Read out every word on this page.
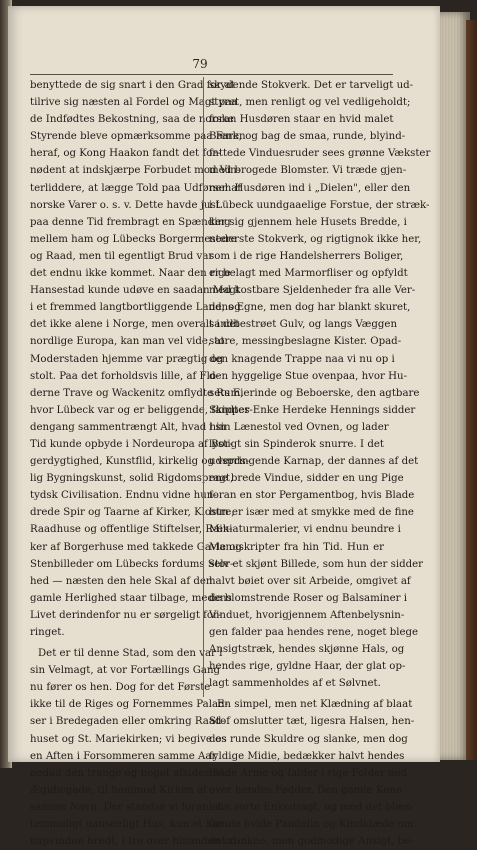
79
benyttede de sig snart i den Grad for at
tilrive sig næsten al Fordel og Magt paa
de Indfødtes Bekostning, saa de norske
Styrende bleve opmærksomme paa Faren
heraf, og Kong Haakon fandt det for-
nødent at indskjærpe Forbudet mod Vin-
terliddere, at lægge Told paa Udførsel af
norske Varer o. s. v. Dette havde just
paa denne Tid frembragt en Spænding
mellem ham og Lübecks Borgermestere
og Raad, men til egentligt Brud var
det endnu ikke kommet. Naar den rige
Hansestad kunde udøve en saadan Magt
i et fremmed langtbortliggende Land, og
det ikke alene i Norge, men overalt i det
nordlige Europa, kan man vel vide, at
Moderstaden hjemme var prægtig og
stolt. Paa det forholdsvis lille, af Flo-
derne Trave og Wackenitz omflydte Rum,
hvor Lübeck var og er beliggende, fandtes
dengang sammentrængt Alt, hvad hin
Tid kunde opbyde i Nordeuropa af Bor-
gerdygtighed, Kunstflid, kirkelig og verds-
lig Bygningskunst, solid Rigdomspragt,
tydsk Civilisation. Endnu vidne hun-
drede Spir og Taarne af Kirker, Klostre,
Raadhuse og offentlige Stiftelser, Ræk-
ker af Borgerhuse med takkede Gavle og
Stenbilleder om Lübecks fordums Stor-
hed — næsten den hele Skal af den
gamle Herlighed staar tilbage, medens
Livet derindenfor nu er sørgeligt for-
ringet.
Det er til denne Stad, som den var i
sin Velmagt, at vor Fortællings Gang
nu fører os hen. Dog for det Første
ikke til de Riges og Fornemmes Palad-
ser i Bredegaden eller omkring Raad-
huset og St. Mariekirken; vi begive os
en Aften i Forsommeren samme Aar
nedad den trange og noget afsides St.
Ægidiegade, til henimod Kirken af
samme Navn. Der standse vi foran et
temmeligt uanseeligt Hus, kun et Kar-
napvindue bredt, i tre over hinanden ud-
skydende Stokverk. Det er tarveligt ud-
styret, men renligt og vel vedligeholdt;
foran Husdøren staar en hvid malet
Bænk, og bag de smaa, runde, blyind-
fattede Vinduesruder sees grønne Vækster
med brogede Blomster. Vi træde gjen-
nem Husdøren ind i „Dielen", eller den
i Lübeck uundgaaelige Forstue, der stræk-
ker sig gjennem hele Husets Bredde, i
nederste Stokverk, og rigtignok ikke her,
som i de rige Handelsherrers Boliger,
er belagt med Marmorfliser og opfyldt
med kostbare Sjeldenheder fra alle Ver-
dens Egne, men dog har blankt skuret,
sandbestrøet Gulv, og langs Væggen
store, messingbeslagne Kister. Opad-
den knagende Trappe naa vi nu op i
den hyggelige Stue ovenpaa, hvor Hu-
sets Eierinde og Beboerske, den agtbare
Skipper-Enke Herdeke Hennings sidder
i sin Lænestol ved Ovnen, og lader
lystigt sin Spinderok snurre. I det
udspringende Karnap, der dannes af det
ene brede Vindue, sidder en ung Pige
foran en stor Pergamentbog, hvis Blade
hun er især med at smykke med de fine
Miniaturmalerier, vi endnu beundre i
Manuskripter fra hin Tid. Hun er
selv et skjønt Billede, som hun der sidder
halvt bøiet over sit Arbeide, omgivet af
de blomstrende Roser og Balsaminer i
Vinduet, hvorigjennem Aftenbelysnin-
gen falder paa hendes rene, noget blege
Ansigtstræk, hendes skjønne Hals, og
hendes rige, gyldne Haar, der glat op-
lagt sammenholdes af et Sølvnet.
En simpel, men net Klædning af blaat
Stof omslutter tæt, ligesra Halsen, hen-
des runde Skuldre og slanke, men dog
fyldige Midie, bedækker halvt hendes
hvide Arme og falder i rige Folder ned
over hendes Fødder. Den gamle Kone
i sin sorte Enkedragt, og med det blæn-
dende hvide Pandelin og Kindklæde om
det runkne, men godmodige Ansigt, be-
